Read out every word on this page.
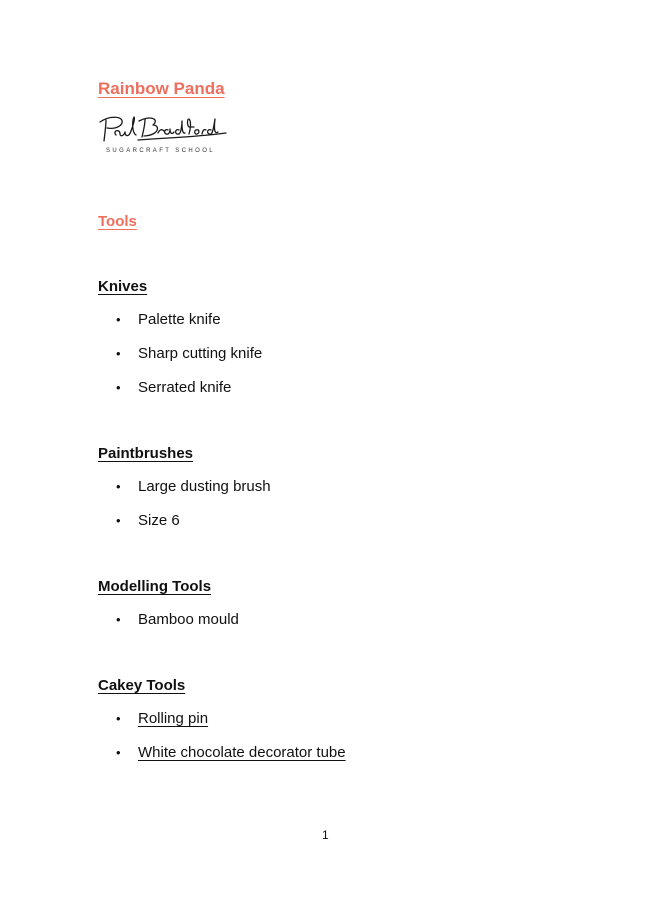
Rainbow Panda
SUGARCRAFT SCHOOL
Tools
Knives
• Palette knife
• Sharp cutting knife
• Serrated knife
Paintbrushes
• Large dusting brush
• Size 6
Modelling Tools
• Bamboo mould
Cakey Tools
• Rolling pin
• White chocolate decorator tube
1
